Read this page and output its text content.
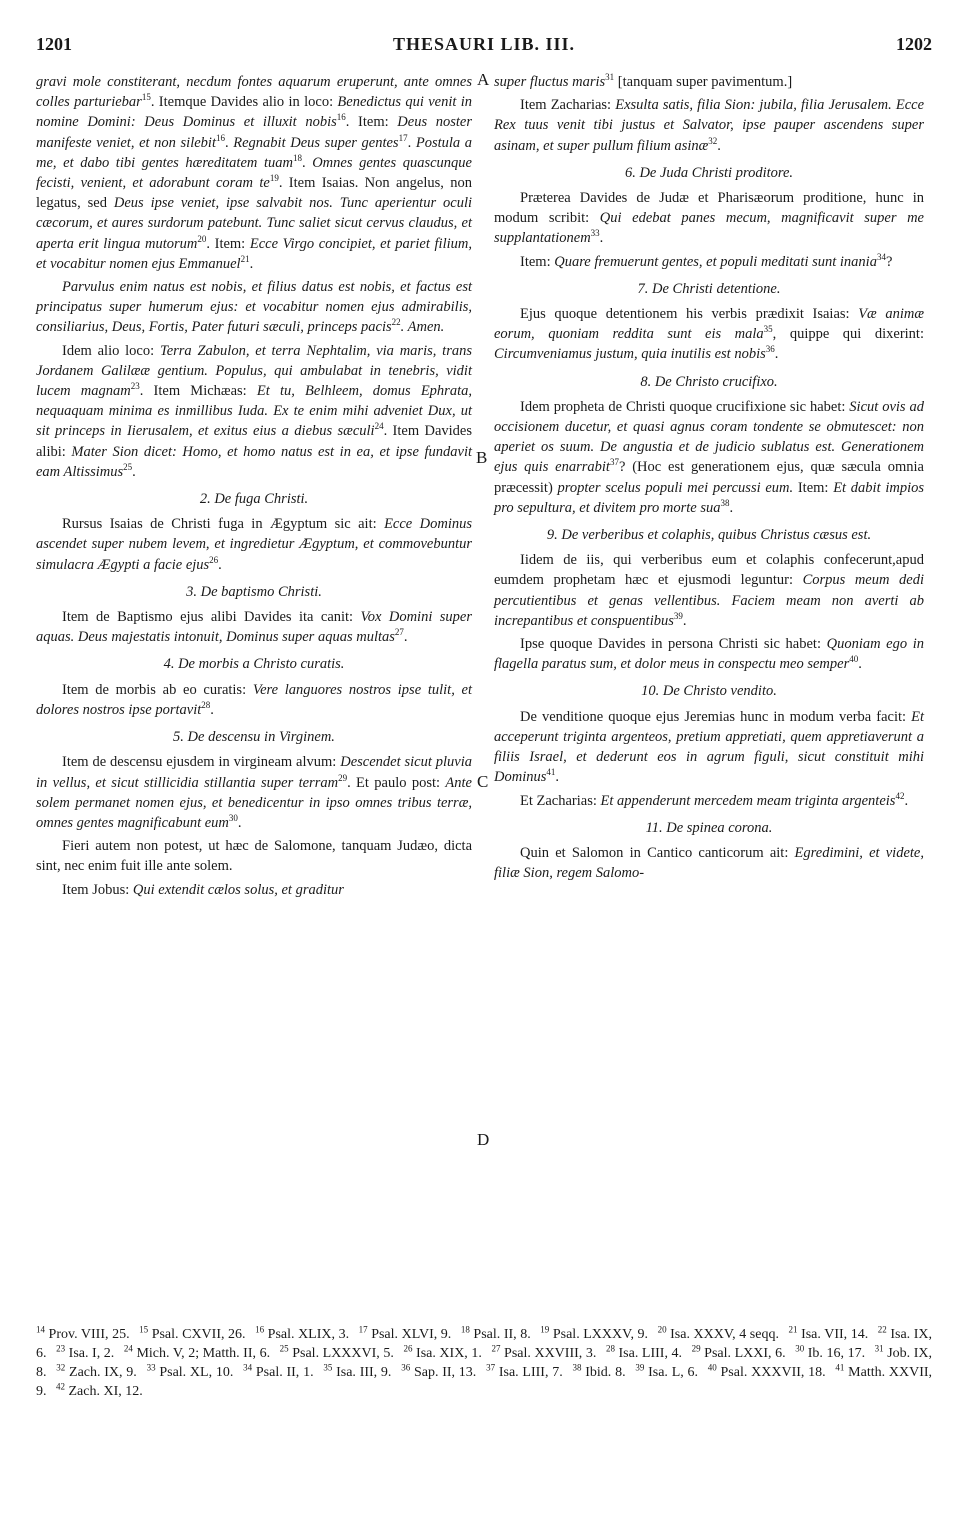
1201	THESAURI LIB. III.	1202
A
B
C
D

gravi mole constiterant, necdum fontes aquarum eruperunt, ante omnes colles parturiebar$^{15}$. Itemque Davides alio in loco: Benedictus qui venit in nomine Domini: Deus Dominus et illuxit nobis$^{16}$. Item: Deus noster manifeste veniet, et non silebit$^{16}$. Regnabit Deus super gentes$^{17}$. Postula a me, et dabo tibi gentes hæreditatem tuam$^{18}$. Omnes gentes quascunque fecisti, venient, et adorabunt coram $te^{19}$. Item Isaias. Non angelus, non legatus, sed Deus ipse veniet, ipse salvabit nos. Tunc aperientur oculi cæcorum, et aures surdorum patebunt. Tunc saliet sicut cervus claudus, et aperta erit lingua mutorum$^{20}$. Item: Ecce Virgo concipiet, et pariet filium, et vocabitur nomen ejus Emmanuel$^{21}$.

Parvulus enim natus est nobis, et filius datus est nobis, et factus est principatus super humerum ejus: et vocabitur nomen ejus admirabilis, consiliarius, Deus, Fortis, Pater futuri sæculi, princeps pacis$^{22}$. Amen.

Idem alio loco: Terra Zabulon, et terra Nephtalim, via maris, trans Jordanem Galilææ gentium. Populus, qui ambulabat in tenebris, vidit lucem magnam$^{23}$. Item Michæas: Et tu, Belhleem, domus Ephrata, nequaquam minima es inmillibus Iuda. Ex te enim mihi adveniet Dux, ut sit princeps in Iierusalem, et exitus eius a diebus sæculi$^{24}$. Item Davides alibi: Mater Sion dicet: Homo, et homo natus est in ea, et ipse fundavit eam Altissimus$^{25}$.

2. De fuga Christi.

Rursus Isaias de Christi fuga in Ægyptum sic ait: Ecce Dominus ascendet super nubem levem, et ingredietur Ægyptum, et commovebuntur simulacra Ægypti a facie ejus$^{26}$.

3. De baptismo Christi.

Item de Baptismo ejus alibi Davides ita canit: Vox Domini super aquas. Deus majestatis intonuit, Dominus super aquas multas$^{27}$.

4. De morbis a Christo curatis.

Item de morbis ab eo curatis: Vere languores nostros ipse tulit, et dolores nostros ipse portavit$^{28}$.

5. De descensu in Virginem.

Item de descensu ejusdem in virgineam alvum: Descendet sicut pluvia in vellus, et sicut stillicidia stillantia super terram$^{29}$. Et paulo post: Ante solem permanet nomen ejus, et benedicentur in ipso omnes tribus terræ, omnes gentes magnificabunt eum$^{30}$.

Fieri autem non potest, ut hæc de Salomone, tanquam Judæo, dicta sint, nec enim fuit ille ante solem.

Item Jobus: Qui extendit cælos solus, et graditur

super fluctus maris$^{31}$ [tanquam super pavimentum.]

Item Zacharias: Exsulta satis, filia Sion: jubila, filia Jerusalem. Ecce Rex tuus venit tibi justus et Salvator, ipse pauper ascendens super asinam, et super pullum filium asinæ$^{32}$.

6. De Juda Christi proditore.

Præterea Davides de Judæ et Pharisæorum proditione, hunc in modum scribit: Qui edebat panes mecum, magnificavit super me supplantationem$^{33}$.

Item: Quare fremuerunt gentes, et populi meditati sunt inania$^{34}$?

7. De Christi detentione.

Ejus quoque detentionem his verbis prædixit Isaias: Væ animæ eorum, quoniam reddita sunt eis mala$^{35}$, quippe qui dixerint: Circumveniamus justum, quia inutilis est nobis$^{36}$.

8. De Christo crucifixo.

Idem propheta de Christi quoque crucifixione sic habet: Sicut ovis ad occisionem ducetur, et quasi agnus coram tondente se obmutescet: non aperiet os suum. De angustia et de judicio sublatus est. Generationem ejus quis enarrabit$^{37}$? (Hoc est generationem ejus, quæ sæcula omnia præcessit) propter scelus populi mei percussi eum. Item: Et dabit impios pro sepultura, et divitem pro morte sua$^{38}$.

9. De verberibus et colaphis, quibus Christus cæsus est.

Iidem de iis, qui verberibus eum et colaphis confecerunt,apud eumdem prophetam hæc et ejusmodi leguntur: Corpus meum dedi percutientibus et genas vellentibus. Faciem meam non averti ab increpantibus et conspuentibus$^{39}$.

Ipse quoque Davides in persona Christi sic habet: Quoniam ego in flagella paratus sum, et dolor meus in conspectu meo semper$^{40}$.

10. De Christo vendito.

De venditione quoque ejus Jeremias hunc in modum verba facit: Et acceperunt triginta argenteos, pretium appretiati, quem appretiaverunt a filiis Israel, et dederunt eos in agrum figuli, sicut constituit mihi Dominus$^{41}$.

Et Zacharias: Et appenderunt mercedem meam triginta argenteis$^{42}$.

11. De spinea corona.

Quin et Salomon in Cantico canticorum ait: Egredimini, et videte, filiæ Sion, regem Salomo-

$^{14}$ Prov. VIII, 25. $^{15}$ Psal. CXVII, 26. $^{16}$ Psal. XLIX, 3. $^{17}$ Psal. XLVI, 9. $^{18}$ Psal. II, 8. $^{19}$ Psal. LXXXV, 9. $^{20}$ Isa. XXXV, 4 seqq. $^{21}$ Isa. VII, 14. $^{22}$ Isa. IX, 6. $^{23}$ Isa. I, 2. $^{24}$ Mich. V, 2; Matth. II, 6. $^{25}$ Psal. LXXXVI, 5. $^{26}$ Isa. XIX, 1. $^{27}$ Psal. XXVIII, 3. $^{28}$ Isa. LIII, 4. $^{29}$ Psal. LXXI, 6. $^{30}$ Ib. 16, 17. $^{31}$ Job. IX, 8. $^{32}$ Zach. IX, 9. $^{33}$ Psal. XL, 10. $^{34}$ Psal. II, 1. $^{35}$ Isa. III, 9. $^{36}$ Sap. II, 13. $^{37}$ Isa. LIII, 7. $^{38}$ Ibid. 8. $^{39}$ Isa. L, 6. $^{40}$ Psal. XXXVII, 18. $^{41}$ Matth. XXVII, 9. $^{42}$ Zach. XI, 12.
